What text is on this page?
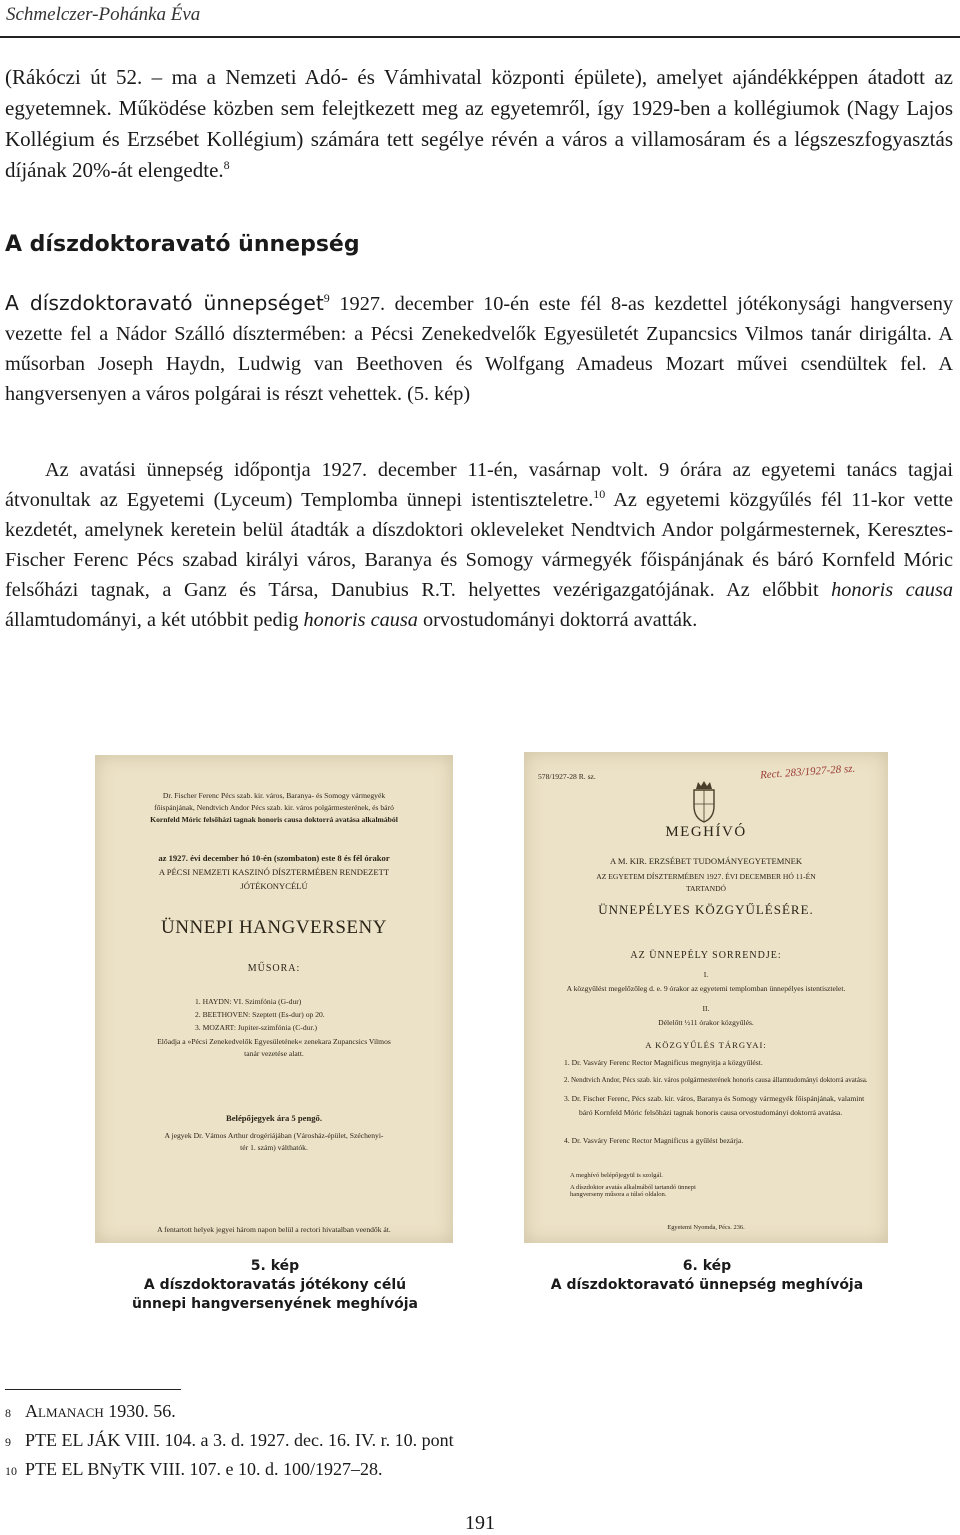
Schmelczer-Pohánka Éva
(Rákóczi út 52. – ma a Nemzeti Adó- és Vámhivatal központi épülete), amelyet ajándékképpen átadott az egyetemnek. Működése közben sem felejtkezett meg az egyetemről, így 1929-ben a kollégiumok (Nagy Lajos Kollégium és Erzsébet Kollégium) számára tett segélye révén a város a villamosáram és a légszeszfogyasztás díjának 20%-át elengedte.$^8$
A díszdoktoravató ünnepség
A díszdoktoravató ünnepséget$^9$ 1927. december 10-én este fél 8-as kezdettel jótékonysági hangverseny vezette fel a Nádor Szálló dísztermében: a Pécsi Zenekedvelők Egyesületét Zupancsics Vilmos tanár dirigálta. A műsorban Joseph Haydn, Ludwig van Beethoven és Wolfgang Amadeus Mozart művei csendültek fel. A hangversenyen a város polgárai is részt vehettek. (5. kép)
Az avatási ünnepség időpontja 1927. december 11-én, vasárnap volt. 9 órára az egyetemi tanács tagjai átvonultak az Egyetemi (Lyceum) Templomba ünnepi istentiszteletre.$^{10}$ Az egyetemi közgyűlés fél 11-kor vette kezdetét, amelynek keretein belül átadták a díszdoktori okleveleket Nendtvich Andor polgármesternek, Keresztes-Fischer Ferenc Pécs szabad királyi város, Baranya és Somogy vármegyék főispánjának és báró Kornfeld Móric felsőházi tagnak, a Ganz és Társa, Danubius R.T. helyettes vezérigazgatójának. Az előbbit honoris causa államtudományi, a két utóbbit pedig honoris causa orvostudományi doktorrá avatták.
Dr. Fischer Ferenc Pécs szab. kir. város, Baranya- és Somogy vármegyék
főispánjának, Nendtvich Andor Pécs szab. kir. város polgármesterének, és báró
Kornfeld Móric felsőházi tagnak honoris causa doktorrá avatása alkalmából
az 1927. évi december hó 10-én (szombaton) este 8 és fél órakor
A PÉCSI NEMZETI KASZINÓ DÍSZTERMÉBEN RENDEZETT
JÓTÉKONYCÉLÚ
ÜNNEPI HANGVERSENY
MŰSORA:
1. HAYDN: VI. Szimfónia (G-dur)
2. BEETHOVEN: Szeptett (Es-dur) op 20.
3. MOZART: Jupiter-szimfónia (C-dur.)
Előadja a »Pécsi Zenekedvelők Egyesületének« zenekara Zupancsics Vilmos
tanár vezetése alatt.
Belépőjegyek ára 5 pengő.
A jegyek Dr. Vámos Arthur drogériájában (Városház-épület, Széchenyi-
tér 1. szám) válthatók.
A fentartott helyek jegyei három napon belül a rectori hivatalban veendők át.
578/1927-28 R. sz.	Rect. 283/1927-28 sz.
MEGHÍVÓ
A M. KIR. ERZSÉBET TUDOMÁNYEGYETEMNEK
AZ EGYETEM DÍSZTERMÉBEN 1927. ÉVI DECEMBER HÓ 11-ÉN
TARTANDÓ
ÜNNEPÉLYES KÖZGYŰLÉSÉRE.
AZ ÜNNEPÉLY SORRENDJE:
I.
A közgyűlést megelőzőleg d. e. 9 órakor az egyetemi templomban ünnepélyes istentisztelet.
II.
Délelőtt ½11 órakor közgyűlés.
A KÖZGYŰLÉS TÁRGYAI:
1. Dr. Vasváry Ferenc Rector Magnificus megnyitja a közgyűlést.
2. Nendtvich Andor, Pécs szab. kir. város polgármesterének honoris causa államtudományi doktorrá avatása.
3. Dr. Fischer Ferenc, Pécs szab. kir. város, Baranya és Somogy vármegyék főispánjának, valamint
báró Kornfeld Móric felsőházi tagnak honoris causa orvostudományi doktorrá avatása.
4. Dr. Vasváry Ferenc Rector Magnificus a gyűlést bezárja.
A meghívó belépőjegyül is szolgál.
A díszdoktor avatás alkalmából tartandó ünnepi hangverseny műsora a túlsó oldalon.
Egyetemi Nyomda, Pécs. 236.
5. kép
A díszdoktoravatás jótékony célú
ünnepi hangversenyének meghívója
6. kép
A díszdoktoravató ünnepség meghívója
8 Almanach 1930. 56.
9 PTE EL JÁK VIII. 104. a 3. d. 1927. dec. 16. IV. r. 10. pont
10 PTE EL BNyTK VIII. 107. e 10. d. 100/1927–28.
191
